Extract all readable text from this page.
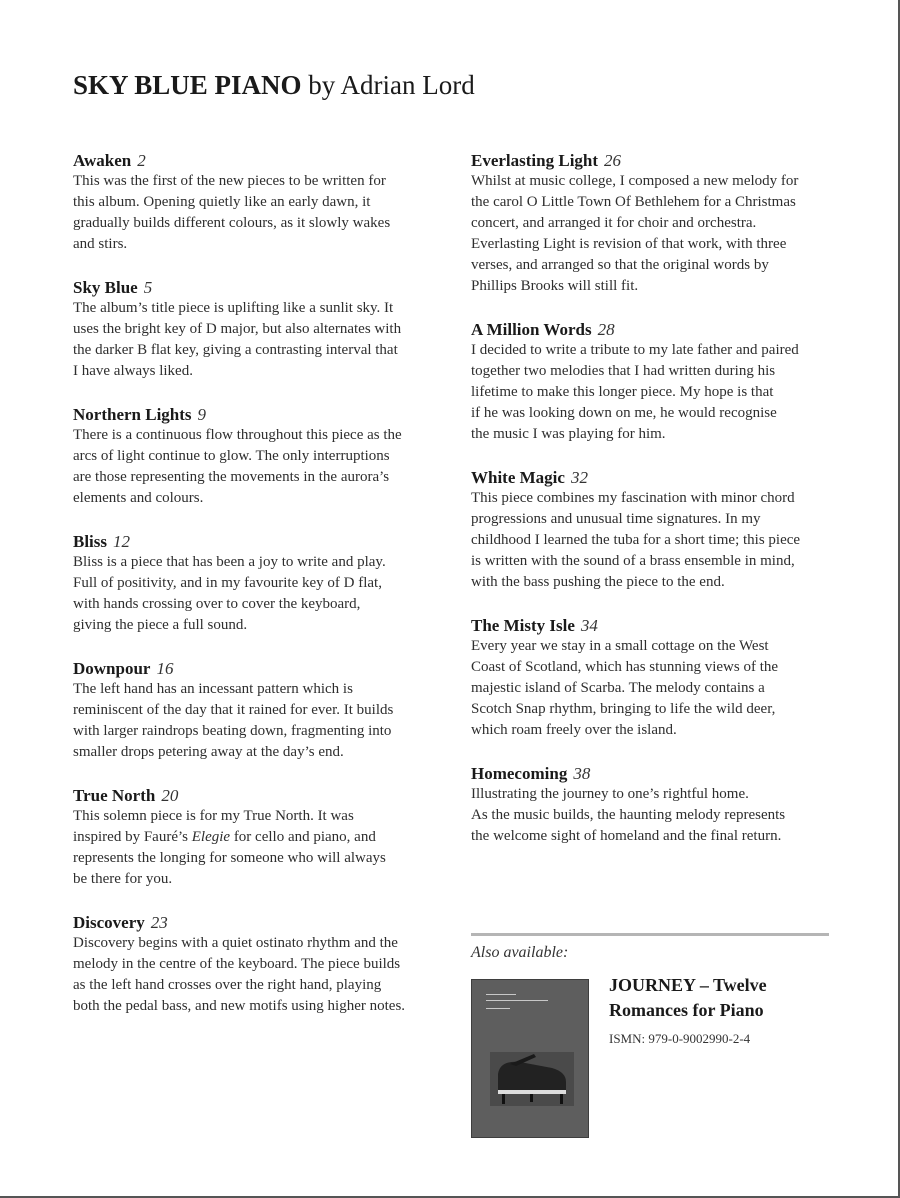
SKY BLUE PIANO by Adrian Lord
Awaken 2
This was the first of the new pieces to be written for
this album. Opening quietly like an early dawn, it
gradually builds different colours, as it slowly wakes
and stirs.
Sky Blue 5
The album’s title piece is uplifting like a sunlit sky. It
uses the bright key of D major, but also alternates with
the darker B flat key, giving a contrasting interval that
I have always liked.
Northern Lights 9
There is a continuous flow throughout this piece as the
arcs of light continue to glow. The only interruptions
are those representing the movements in the aurora’s
elements and colours.
Bliss 12
Bliss is a piece that has been a joy to write and play.
Full of positivity, and in my favourite key of D flat,
with hands crossing over to cover the keyboard,
giving the piece a full sound.
Downpour 16
The left hand has an incessant pattern which is
reminiscent of the day that it rained for ever. It builds
with larger raindrops beating down, fragmenting into
smaller drops petering away at the day’s end.
True North 20
This solemn piece is for my True North. It was
inspired by Fauré’s Elegie for cello and piano, and
represents the longing for someone who will always
be there for you.
Discovery 23
Discovery begins with a quiet ostinato rhythm and the
melody in the centre of the keyboard. The piece builds
as the left hand crosses over the right hand, playing
both the pedal bass, and new motifs using higher notes.
Everlasting Light 26
Whilst at music college, I composed a new melody for
the carol O Little Town Of Bethlehem for a Christmas
concert, and arranged it for choir and orchestra.
Everlasting Light is revision of that work, with three
verses, and arranged so that the original words by
Phillips Brooks will still fit.
A Million Words 28
I decided to write a tribute to my late father and paired
together two melodies that I had written during his
lifetime to make this longer piece. My hope is that
if he was looking down on me, he would recognise
the music I was playing for him.
White Magic 32
This piece combines my fascination with minor chord
progressions and unusual time signatures. In my
childhood I learned the tuba for a short time; this piece
is written with the sound of a brass ensemble in mind,
with the bass pushing the piece to the end.
The Misty Isle 34
Every year we stay in a small cottage on the West
Coast of Scotland, which has stunning views of the
majestic island of Scarba. The melody contains a
Scotch Snap rhythm, bringing to life the wild deer,
which roam freely over the island.
Homecoming 38
Illustrating the journey to one’s rightful home.
As the music builds, the haunting melody represents
the welcome sight of homeland and the final return.
Also available:
JOURNEY – Twelve
Romances for Piano
ISMN: 979-0-9002990-2-4
